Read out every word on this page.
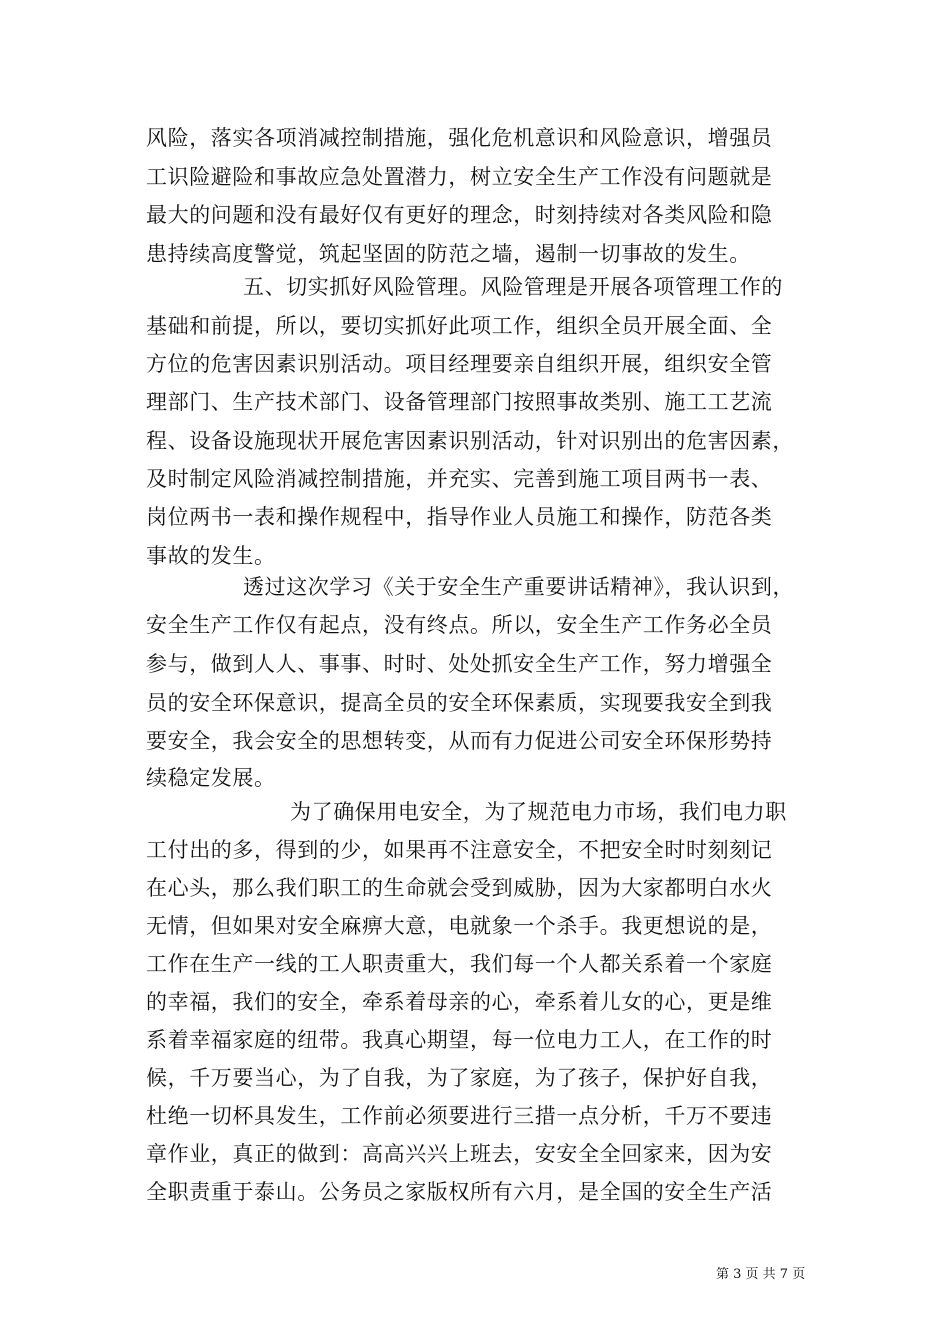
风险，落实各项消减控制措施，强化危机意识和风险意识，增强员
工识险避险和事故应急处置潜力，树立安全生产工作没有问题就是
最大的问题和没有最好仅有更好的理念，时刻持续对各类风险和隐
患持续高度警觉，筑起坚固的防范之墙，遏制一切事故的发生。
五、切实抓好风险管理。风险管理是开展各项管理工作的
基础和前提，所以，要切实抓好此项工作，组织全员开展全面、全
方位的危害因素识别活动。项目经理要亲自组织开展，组织安全管
理部门、生产技术部门、设备管理部门按照事故类别、施工工艺流
程、设备设施现状开展危害因素识别活动，针对识别出的危害因素，
及时制定风险消减控制措施，并充实、完善到施工项目两书一表、
岗位两书一表和操作规程中，指导作业人员施工和操作，防范各类
事故的发生。
透过这次学习《关于安全生产重要讲话精神》，我认识到，
安全生产工作仅有起点，没有终点。所以，安全生产工作务必全员
参与，做到人人、事事、时时、处处抓安全生产工作，努力增强全
员的安全环保意识，提高全员的安全环保素质，实现要我安全到我
要安全，我会安全的思想转变，从而有力促进公司安全环保形势持
续稳定发展。
为了确保用电安全，为了规范电力市场，我们电力职
工付出的多，得到的少，如果再不注意安全，不把安全时时刻刻记
在心头，那么我们职工的生命就会受到威胁，因为大家都明白水火
无情，但如果对安全麻痹大意，电就象一个杀手。我更想说的是，
工作在生产一线的工人职责重大，我们每一个人都关系着一个家庭
的幸福，我们的安全，牵系着母亲的心，牵系着儿女的心，更是维
系着幸福家庭的纽带。我真心期望，每一位电力工人，在工作的时
候，千万要当心，为了自我，为了家庭，为了孩子，保护好自我，
杜绝一切杯具发生，工作前必须要进行三措一点分析，千万不要违
章作业，真正的做到：高高兴兴上班去，安安全全回家来，因为安
全职责重于泰山。公务员之家版权所有六月，是全国的安全生产活
第 3 页 共 7 页
